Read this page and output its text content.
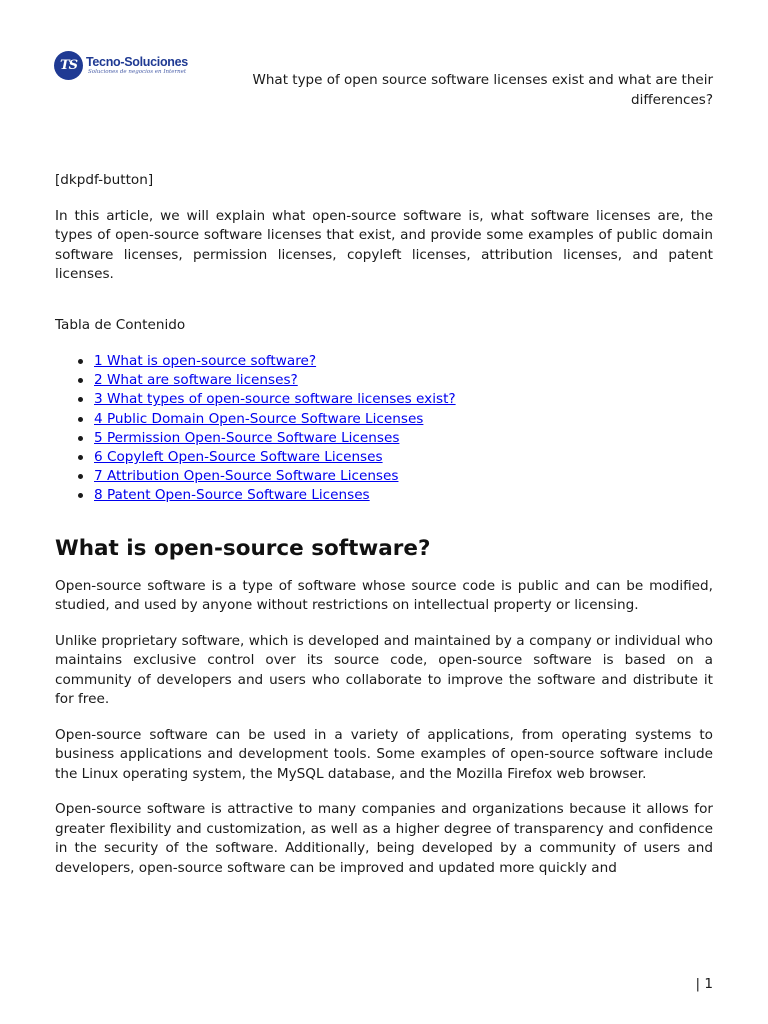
TS Tecno-Soluciones
Soluciones de negocios en Internet	What type of open source software licenses exist and what are their differences?

[dkpdf-button]

In this article, we will explain what open-source software is, what software licenses are, the types of open-source software licenses that exist, and provide some examples of public domain software licenses, permission licenses, copyleft licenses, attribution licenses, and patent licenses.

Tabla de Contenido

1 What is open-source software?
2 What are software licenses?
3 What types of open-source software licenses exist?
4 Public Domain Open-Source Software Licenses
5 Permission Open-Source Software Licenses
6 Copyleft Open-Source Software Licenses
7 Attribution Open-Source Software Licenses
8 Patent Open-Source Software Licenses
What is open-source software?

Open-source software is a type of software whose source code is public and can be modified, studied, and used by anyone without restrictions on intellectual property or licensing.

Unlike proprietary software, which is developed and maintained by a company or individual who maintains exclusive control over its source code, open-source software is based on a community of developers and users who collaborate to improve the software and distribute it for free.

Open-source software can be used in a variety of applications, from operating systems to business applications and development tools. Some examples of open-source software include the Linux operating system, the MySQL database, and the Mozilla Firefox web browser.

Open-source software is attractive to many companies and organizations because it allows for greater flexibility and customization, as well as a higher degree of transparency and confidence in the security of the software. Additionally, being developed by a community of users and developers, open-source software can be improved and updated more quickly and

| 1
